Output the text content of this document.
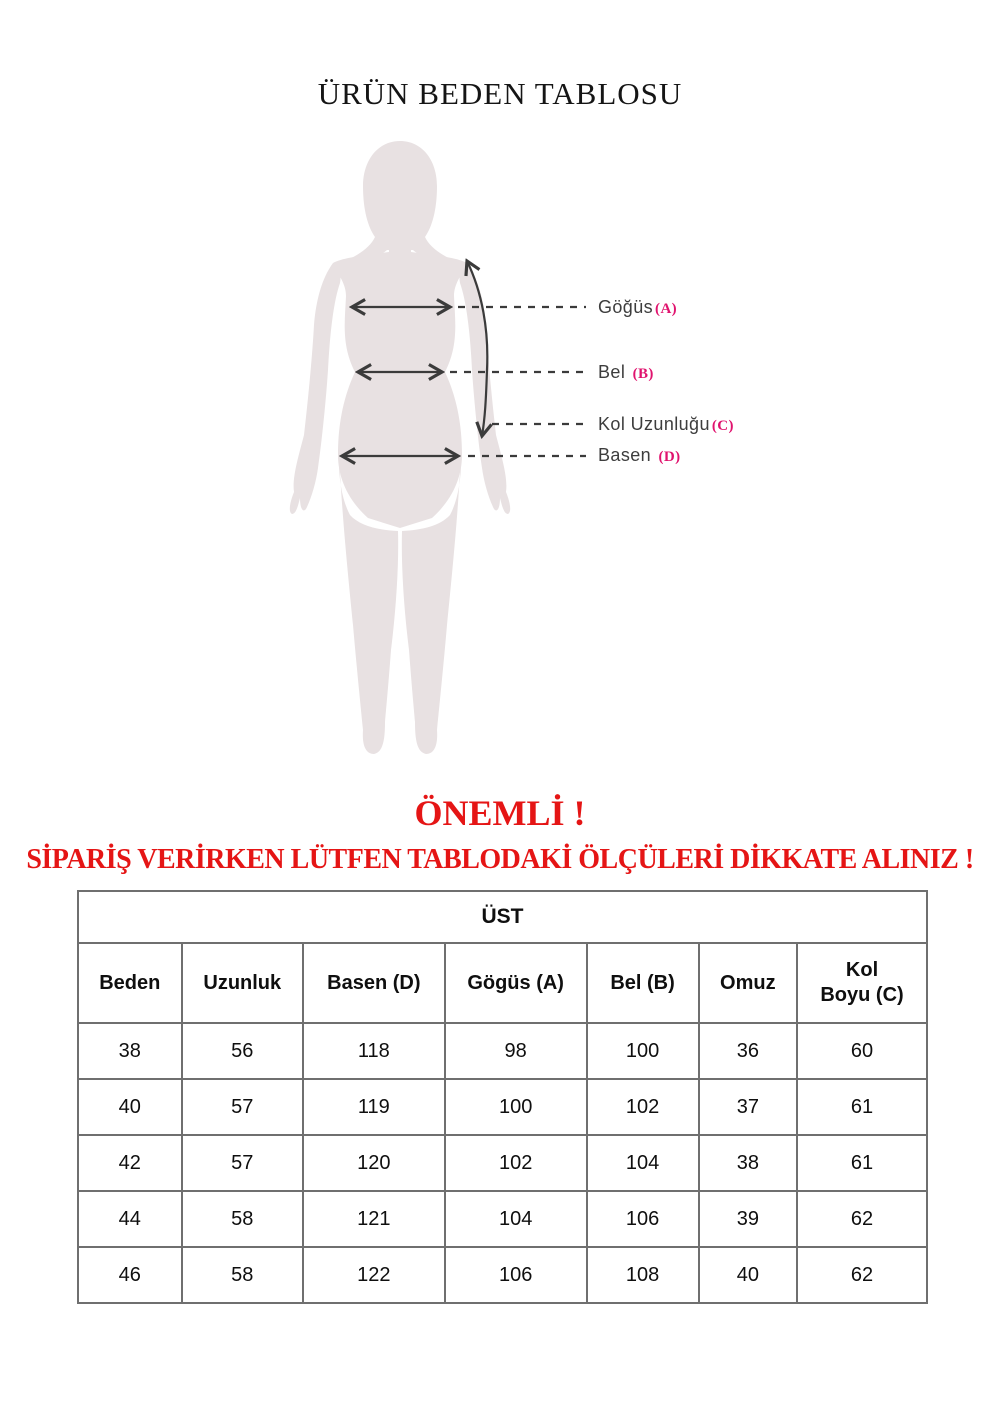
ÜRÜN BEDEN TABLOSU
Göğüs (A)
Bel (B)
Kol Uzunluğu (C)
Basen (D)
ÖNEMLİ !
SİPARİŞ VERİRKEN LÜTFEN TABLODAKİ ÖLÇÜLERİ DİKKATE ALINIZ !
ÜST						
Beden	Uzunluk	Basen (D)	Gögüs (A)	Bel (B)	Omuz	Kol Boyu (C)
38	56	118	98	100	36	60
40	57	119	100	102	37	61
42	57	120	102	104	38	61
44	58	121	104	106	39	62
46	58	122	106	108	40	62
